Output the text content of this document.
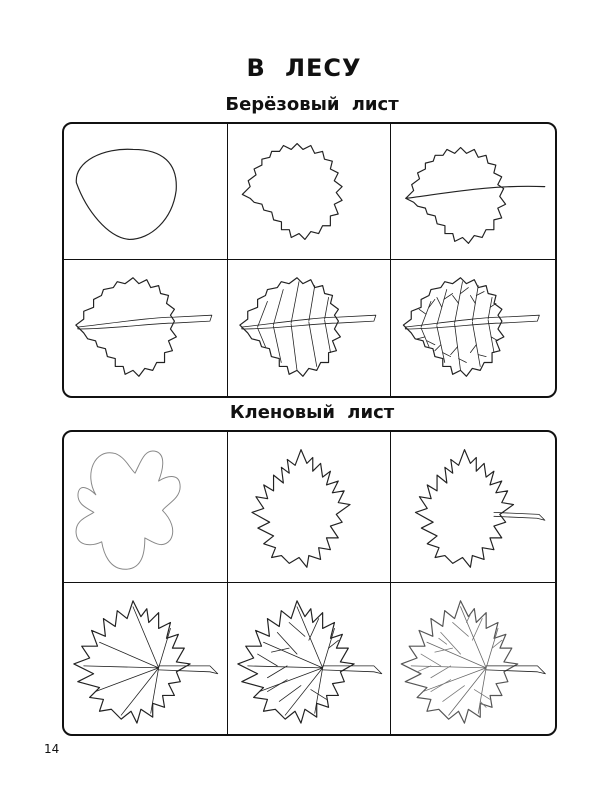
В ЛЕСУ
Берёзовый лист
Кленовый лист
14
